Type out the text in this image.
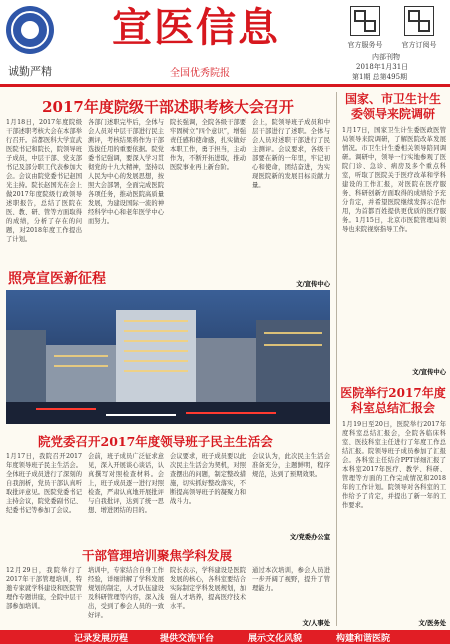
诚勤严精
宣医信息
全国优秀院报
官方服务号	官方订阅号
内部刊物
2018年1月31日
第1期 总第495期
2017年度院级干部述职考核大会召开
1月18日，2017年度院级干部述职考核大会在本部举行召开。首都医科大学宣武医院书记和院长，院领导班子成员，中层干部、党支部书记及部分职工代表参加大会。会议由院党委书记赵国光主持。院长赵国光在会上做2017年度院级行政领导述职报告，总结了医院在医、教、研、管等方面取得的成绩，分析了存在的问题，对2018年度工作提出了计划。
各部门述职完毕后，全体与会人员对中层干部进行民主测评，考核结果将作为干部选拔任用的重要依据。院党委书记强调，要深入学习贯彻党的十九大精神，坚持以人民为中心的发展思想，按照大会部署，全面完成医院各项任务，推动医院高质量发展，为建设国际一流的神经科学中心和老年医学中心而努力。
院长强调，全院各级干部要牢固树立“四个意识”，增强责任感和使命感，扎实做好本职工作，勇于担当，主动作为，不断开拓进取，推动医院事业再上新台阶。
会上，院领导班子成员和中层干部进行了述职。全体与会人员对述职干部进行了民主测评。会议要求，各级干部要在新的一年里，牢记初心和使命，团结奋进，为实现医院新的发展目标贡献力量。
文/宣传中心
照亮宣医新征程
院党委召开2017年度领导班子民主生活会
1月17日，我院召开2017年度领导班子民主生活会。全体班子成员进行了深刻的自我剖析，党员干部认真听取批评意见。医院党委书记主持会议，院党委副书记、纪委书记等参加了会议。
会前，班子成员广泛征求意见，深入开展谈心谈话，认真撰写对照检查材料。会上，班子成员逐一进行对照检查，严肃认真地开展批评与自我批评，达到了统一思想、增进团结的目的。
会议要求，班子成员要以此次民主生活会为契机，对照查摆出的问题，制定整改措施，切实抓好整改落实，不断提高领导班子的凝聚力和战斗力。
会议认为，此次民主生活会准备充分，主题鲜明，程序规范，达到了预期效果。
文/党委办公室
干部管理培训聚焦学科发展
12月29日，我院举行了2017年干部管理培训，特邀专家就学科建设和医院管理作专题讲座，全院中层干部参加培训。
培训中，专家结合自身工作经验，详细讲解了学科发展规划的制定，人才队伍建设及科研管理等内容，深入浅出，受到了参会人员的一致好评。
院长表示，学科建设是医院发展的核心，各科室要结合实际制定学科发展规划，加强人才培养，提高医疗技术水平。
通过本次培训，参会人员进一步开阔了视野，提升了管理能力。
文/人事处
国家、市卫生计生委领导来院调研
1月17日，国家卫生计生委医政医管局领导来院调研，了解医院改革发展情况。市卫生计生委相关领导陪同调研。调研中，领导一行实地参观了医院门诊、急诊、病房及多个重点科室，听取了医院关于医疗改革和学科建设的工作汇报，对医院在医疗服务、科研创新方面取得的成绩给予充分肯定，并希望医院继续发挥示范作用，为首都百姓提供更优质的医疗服务。1月15日，北京市医院管理局领导也来院视察指导工作。
文/宣传中心
医院举行2017年度科室总结汇报会
1月19日至20日，医院举行2017年度科室总结汇报会，全院各临床科室、医技科室主任进行了年度工作总结汇报。院领导班子成员参加了汇报会。各科室主任结合PPT详细汇报了本科室2017年医疗、教学、科研、管理等方面的工作完成情况和2018年的工作计划。院领导对各科室的工作给予了肯定，并提出了新一年的工作要求。
文/医务处
记录发展历程	提供交流平台	展示文化风貌	构建和谐医院
